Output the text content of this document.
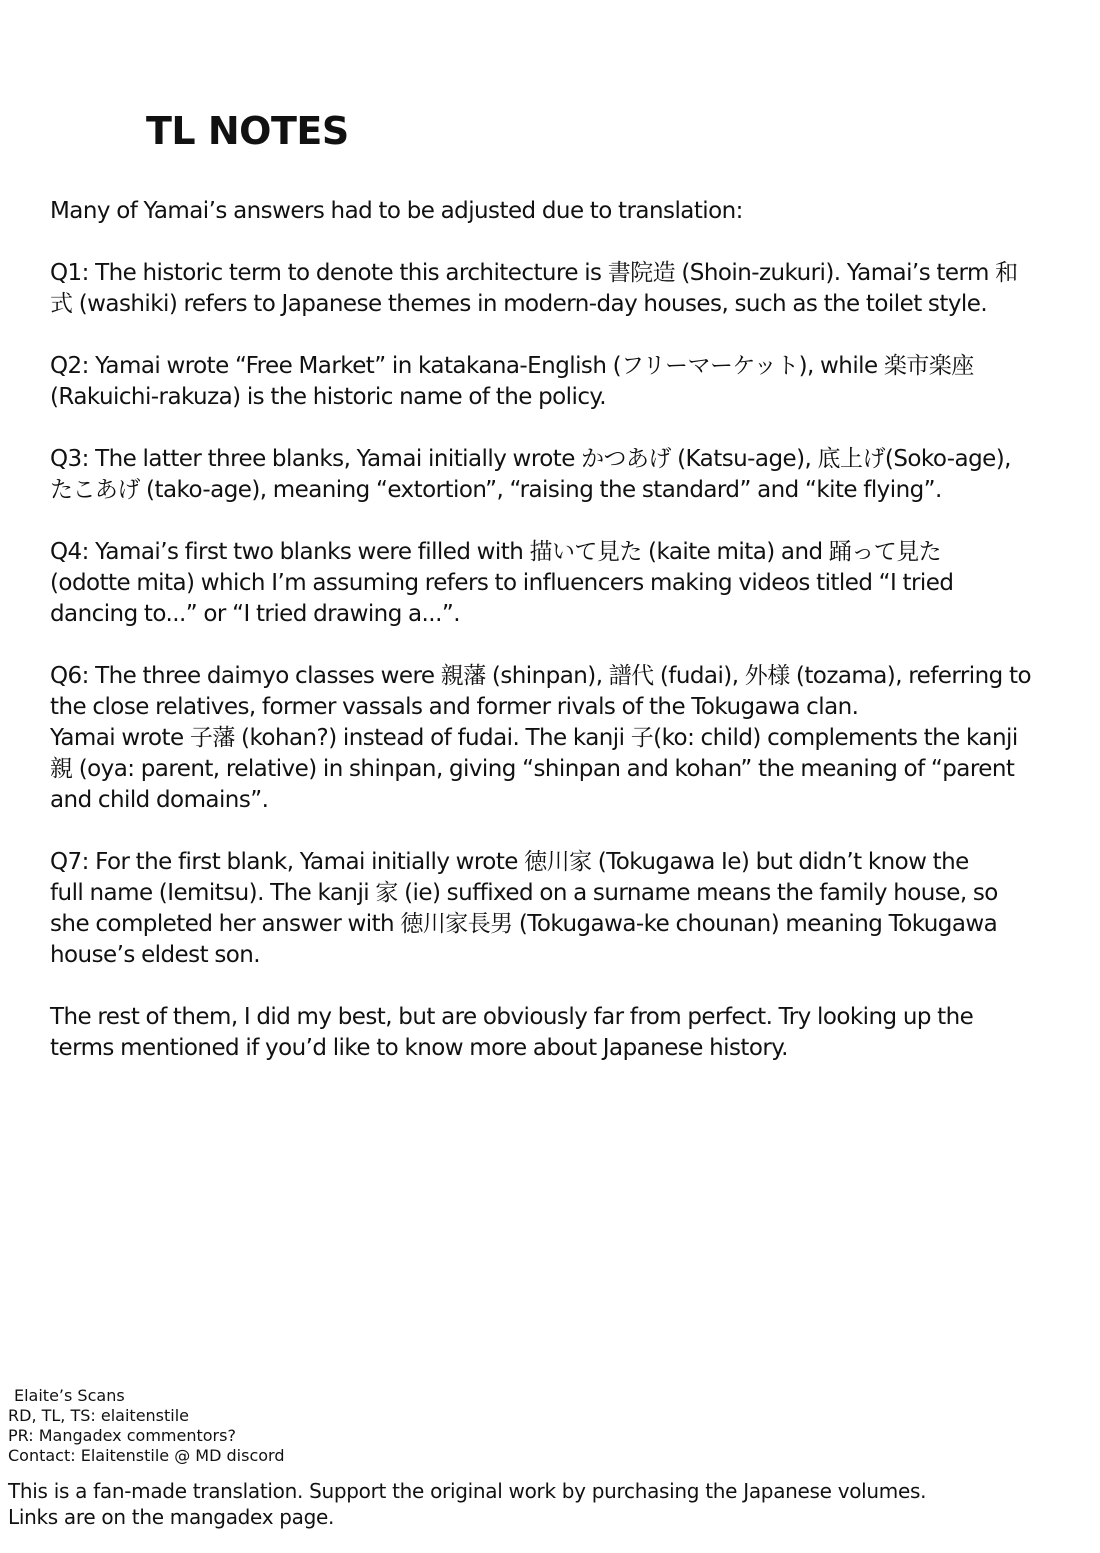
TL NOTES

Many of Yamai’s answers had to be adjusted due to translation:

Q1: The historic term to denote this architecture is 書院造 (Shoin-zukuri). Yamai’s term 和
式 (washiki) refers to Japanese themes in modern-day houses, such as the toilet style.

Q2: Yamai wrote “Free Market” in katakana-English (フリーマーケット), while 楽市楽座
(Rakuichi-rakuza) is the historic name of the policy.

Q3: The latter three blanks, Yamai initially wrote かつあげ (Katsu-age), 底上げ(Soko-age),
たこあげ (tako-age), meaning “extortion”, “raising the standard” and “kite flying”.

Q4: Yamai’s first two blanks were filled with 描いて見た (kaite mita) and 踊って見た
(odotte mita) which I’m assuming refers to influencers making videos titled “I tried
dancing to...” or “I tried drawing a...”.

Q6: The three daimyo classes were 親藩 (shinpan), 譜代 (fudai), 外様 (tozama), referring to
the close relatives, former vassals and former rivals of the Tokugawa clan.
Yamai wrote 子藩 (kohan?) instead of fudai. The kanji 子(ko: child) complements the kanji
親 (oya: parent, relative) in shinpan, giving “shinpan and kohan” the meaning of “parent
and child domains”.

Q7: For the first blank, Yamai initially wrote 徳川家 (Tokugawa Ie) but didn’t know the
full name (Iemitsu). The kanji 家 (ie) suffixed on a surname means the family house, so
she completed her answer with 徳川家長男 (Tokugawa-ke chounan) meaning Tokugawa
house’s eldest son.

The rest of them, I did my best, but are obviously far from perfect. Try looking up the
terms mentioned if you’d like to know more about Japanese history.

Elaite’s Scans
RD, TL, TS: elaitenstile
PR: Mangadex commentors?
Contact: Elaitenstile @ MD discord
This is a fan-made translation. Support the original work by purchasing the Japanese volumes.
Links are on the mangadex page.
